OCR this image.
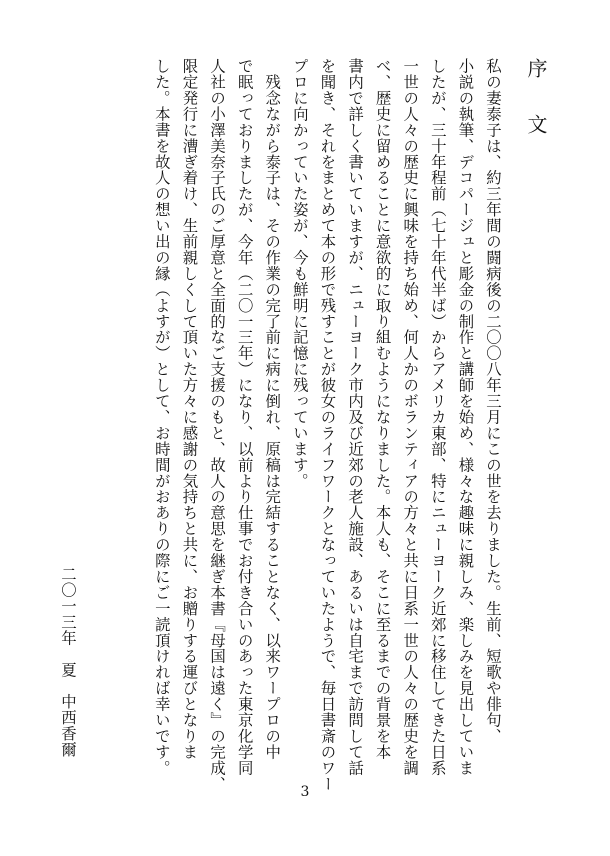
序文
私の妻泰子は、約三年間の闘病後の二〇〇八年三月にこの世を去りました。生前、短歌や俳句、
小説の執筆、デコパージュと彫金の制作と講師を始め、様々な趣味に親しみ、楽しみを見出していま
したが、三十年程前（七十年代半ば）からアメリカ東部、特にニューヨーク近郊に移住してきた日系
一世の人々の歴史に興味を持ち始め、何人かのボランティアの方々と共に日系一世の人々の歴史を調
べ、歴史に留めることに意欲的に取り組むようになりました。本人も、そこに至るまでの背景を本
書内で詳しく書いていますが、ニューヨーク市内及び近郊の老人施設、あるいは自宅まで訪問して話
を聞き、それをまとめて本の形で残すことが彼女のライフワークとなっていたようで、毎日書斎のワー
プロに向かっていた姿が、今も鮮明に記憶に残っています。
　残念ながら泰子は、その作業の完了前に病に倒れ、原稿は完結することなく、以来ワープロの中
で眠っておりましたが、今年（二〇一三年）になり、以前より仕事でお付き合いのあった東京化学同
人社の小澤美奈子氏のご厚意と全面的なご支援のもと、故人の意思を継ぎ本書『母国は遠く』の完成、
限定発行に漕ぎ着け、生前親しくして頂いた方々に感謝の気持ちと共に、お贈りする運びとなりま
した。本書を故人の想い出の縁（よすが）として、お時間がおありの際にご一読頂ければ幸いです。
二〇一三年　夏　中西香爾
3
